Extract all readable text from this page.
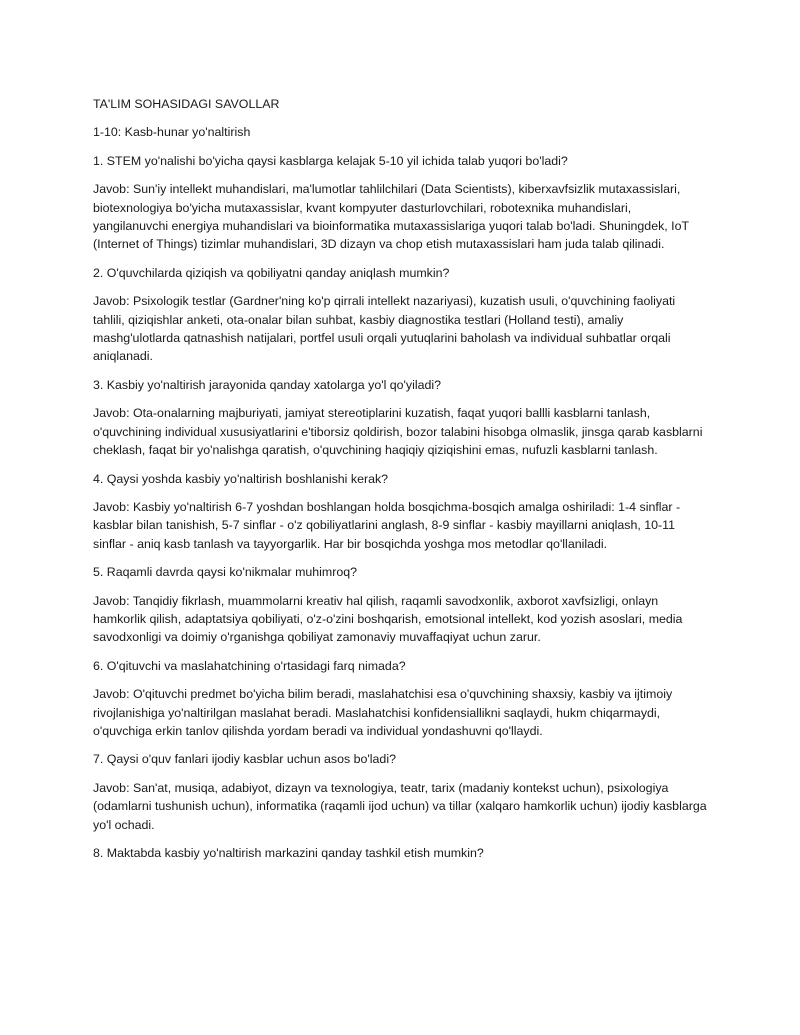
TA'LIM SOHASIDAGI SAVOLLAR

1-10: Kasb-hunar yo'naltirish

1. STEM yo'nalishi bo'yicha qaysi kasblarga kelajak 5-10 yil ichida talab yuqori bo'ladi?

Javob: Sun'iy intellekt muhandislari, ma'lumotlar tahlilchilari (Data Scientists), kiberxavfsizlik mutaxassislari, biotexnologiya bo'yicha mutaxassislar, kvant kompyuter dasturlovchilari, robotexnika muhandislari, yangilanuvchi energiya muhandislari va bioinformatika mutaxassislariga yuqori talab bo'ladi. Shuningdek, IoT (Internet of Things) tizimlar muhandislari, 3D dizayn va chop etish mutaxassislari ham juda talab qilinadi.

2. O'quvchilarda qiziqish va qobiliyatni qanday aniqlash mumkin?

Javob: Psixologik testlar (Gardner'ning ko'p qirrali intellekt nazariyasi), kuzatish usuli, o'quvchining faoliyati tahlili, qiziqishlar anketi, ota-onalar bilan suhbat, kasbiy diagnostika testlari (Holland testi), amaliy mashg'ulotlarda qatnashish natijalari, portfel usuli orqali yutuqlarini baholash va individual suhbatlar orqali aniqlanadi.

3. Kasbiy yo'naltirish jarayonida qanday xatolarga yo'l qo'yiladi?

Javob: Ota-onalarning majburiyati, jamiyat stereotiplarini kuzatish, faqat yuqori ballli kasblarni tanlash, o'quvchining individual xususiyatlarini e'tiborsiz qoldirish, bozor talabini hisobga olmaslik, jinsga qarab kasblarni cheklash, faqat bir yo'nalishga qaratish, o'quvchining haqiqiy qiziqishini emas, nufuzli kasblarni tanlash.

4. Qaysi yoshda kasbiy yo'naltirish boshlanishi kerak?

Javob: Kasbiy yo'naltirish 6-7 yoshdan boshlangan holda bosqichma-bosqich amalga oshiriladi: 1-4 sinflar - kasblar bilan tanishish, 5-7 sinflar - o'z qobiliyatlarini anglash, 8-9 sinflar - kasbiy mayillarni aniqlash, 10-11 sinflar - aniq kasb tanlash va tayyorgarlik. Har bir bosqichda yoshga mos metodlar qo'llaniladi.

5. Raqamli davrda qaysi ko'nikmalar muhimroq?

Javob: Tanqidiy fikrlash, muammolarni kreativ hal qilish, raqamli savodxonlik, axborot xavfsizligi, onlayn hamkorlik qilish, adaptatsiya qobiliyati, o'z-o'zini boshqarish, emotsional intellekt, kod yozish asoslari, media savodxonligi va doimiy o'rganishga qobiliyat zamonaviy muvaffaqiyat uchun zarur.

6. O'qituvchi va maslahatchining o'rtasidagi farq nimada?

Javob: O'qituvchi predmet bo'yicha bilim beradi, maslahatchisi esa o'quvchining shaxsiy, kasbiy va ijtimoiy rivojlanishiga yo'naltirilgan maslahat beradi. Maslahatchisi konfidensiallikni saqlaydi, hukm chiqarmaydi, o'quvchiga erkin tanlov qilishda yordam beradi va individual yondashuvni qo'llaydi.

7. Qaysi o'quv fanlari ijodiy kasblar uchun asos bo'ladi?

Javob: San'at, musiqa, adabiyot, dizayn va texnologiya, teatr, tarix (madaniy kontekst uchun), psixologiya (odamlarni tushunish uchun), informatika (raqamli ijod uchun) va tillar (xalqaro hamkorlik uchun) ijodiy kasblarga yo'l ochadi.

8. Maktabda kasbiy yo'naltirish markazini qanday tashkil etish mumkin?
